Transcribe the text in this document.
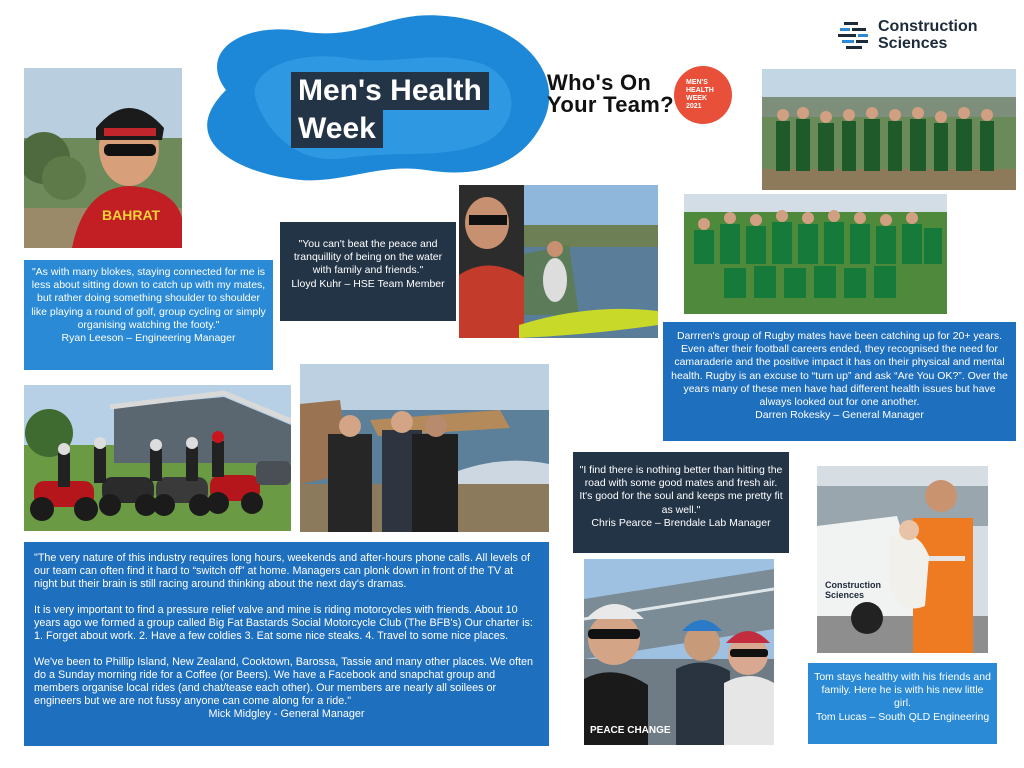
Men's Health
Week
Who's On
Your Team?
MEN'S
HEALTH
WEEK
2021
Construction
Sciences
BAHRAT

"As with many blokes, staying connected for me is less about sitting down to catch up with my mates, but rather doing something shoulder to shoulder like playing a round of golf, group cycling or simply organising watching the footy."

Ryan Leeson – Engineering Manager

"You can't beat the peace and tranquillity of being on the water with family and friends."

Lloyd Kuhr – HSE Team Member

Darrren's group of Rugby mates have been catching up for 20+ years. Even after their football careers ended, they recognised the need for camaraderie and the positive impact it has on their physical and mental health. Rugby is an excuse to “turn up” and ask “Are You OK?”. Over the years many of these men have had different health issues but have always looked out for one another.

Darren Rokesky – General Manager

"I find there is nothing better than hitting the road with some good mates and fresh air. It's good for the soul and keeps me pretty fit as well."

Chris Pearce – Brendale Lab Manager

Construction
Sciences

Tom stays healthy with his friends and family. Here he is with his new little girl.

Tom Lucas – South QLD Engineering

PEACE CHANGE

"The very nature of this industry requires long hours, weekends and after-hours phone calls. All levels of our team can often find it hard to “switch off” at home. Managers can plonk down in front of the TV at night but their brain is still racing around thinking about the next day's dramas.

It is very important to find a pressure relief valve and mine is riding motorcycles with friends. About 10 years ago we formed a group called Big Fat Bastards Social Motorcycle Club (The BFB's) Our charter is: 1. Forget about work. 2. Have a few coldies 3. Eat some nice steaks. 4. Travel to some nice places.

We've been to Phillip Island, New Zealand, Cooktown, Barossa, Tassie and many other places. We often do a Sunday morning ride for a Coffee (or Beers). We have a Facebook and snapchat group and members organise local rides (and chat/tease each other). Our members are nearly all soilees or engineers but we are not fussy anyone can come along for a ride."

Mick Midgley - General Manager
